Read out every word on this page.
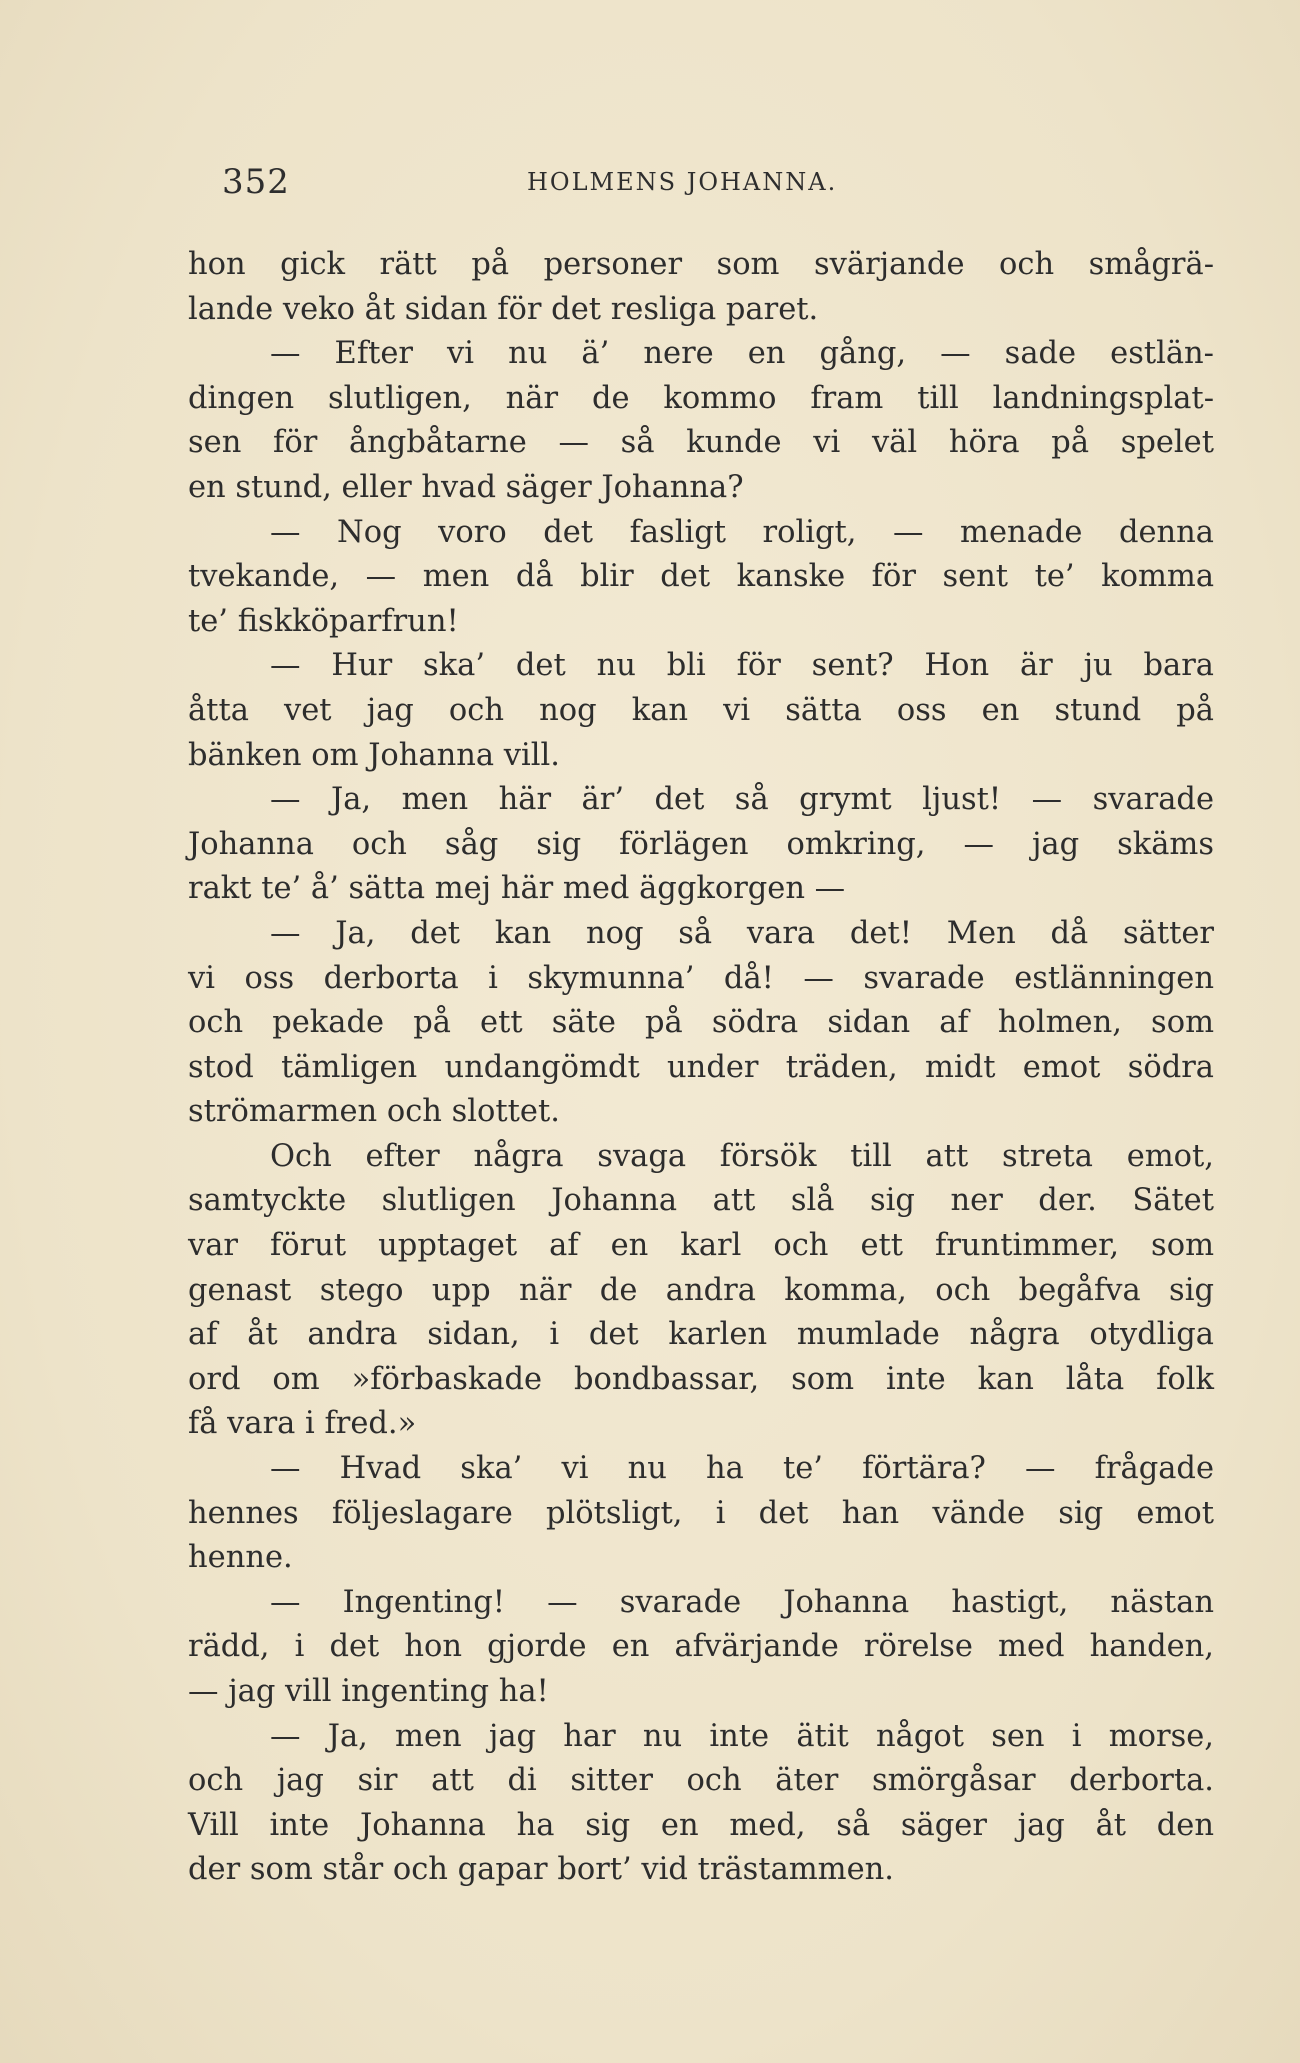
352	HOLMENS JOHANNA.
hon gick rätt på personer som svärjande och smågrä-
lande veko åt sidan för det resliga paret.
— Efter vi nu ä’ nere en gång, — sade estlän-
dingen slutligen, när de kommo fram till landningsplat-
sen för ångbåtarne — så kunde vi väl höra på spelet
en stund, eller hvad säger Johanna?
— Nog voro det fasligt roligt, — menade denna
tvekande, — men då blir det kanske för sent te’ komma
te’ fiskköparfrun!
— Hur ska’ det nu bli för sent? Hon är ju bara
åtta vet jag och nog kan vi sätta oss en stund på
bänken om Johanna vill.
— Ja, men här är’ det så grymt ljust! — svarade
Johanna och såg sig förlägen omkring, — jag skäms
rakt te’ å’ sätta mej här med äggkorgen —
— Ja, det kan nog så vara det! Men då sätter
vi oss derborta i skymunna’ då! — svarade estlänningen
och pekade på ett säte på södra sidan af holmen, som
stod tämligen undangömdt under träden, midt emot södra
strömarmen och slottet.
Och efter några svaga försök till att streta emot,
samtyckte slutligen Johanna att slå sig ner der. Sätet
var förut upptaget af en karl och ett fruntimmer, som
genast stego upp när de andra komma, och begåfva sig
af åt andra sidan, i det karlen mumlade några otydliga
ord om »förbaskade bondbassar, som inte kan låta folk
få vara i fred.»
— Hvad ska’ vi nu ha te’ förtära? — frågade
hennes följeslagare plötsligt, i det han vände sig emot
henne.
— Ingenting! — svarade Johanna hastigt, nästan
rädd, i det hon gjorde en afvärjande rörelse med handen,
— jag vill ingenting ha!
— Ja, men jag har nu inte ätit något sen i morse,
och jag sir att di sitter och äter smörgåsar derborta.
Vill inte Johanna ha sig en med, så säger jag åt den
der som står och gapar bort’ vid trästammen.
